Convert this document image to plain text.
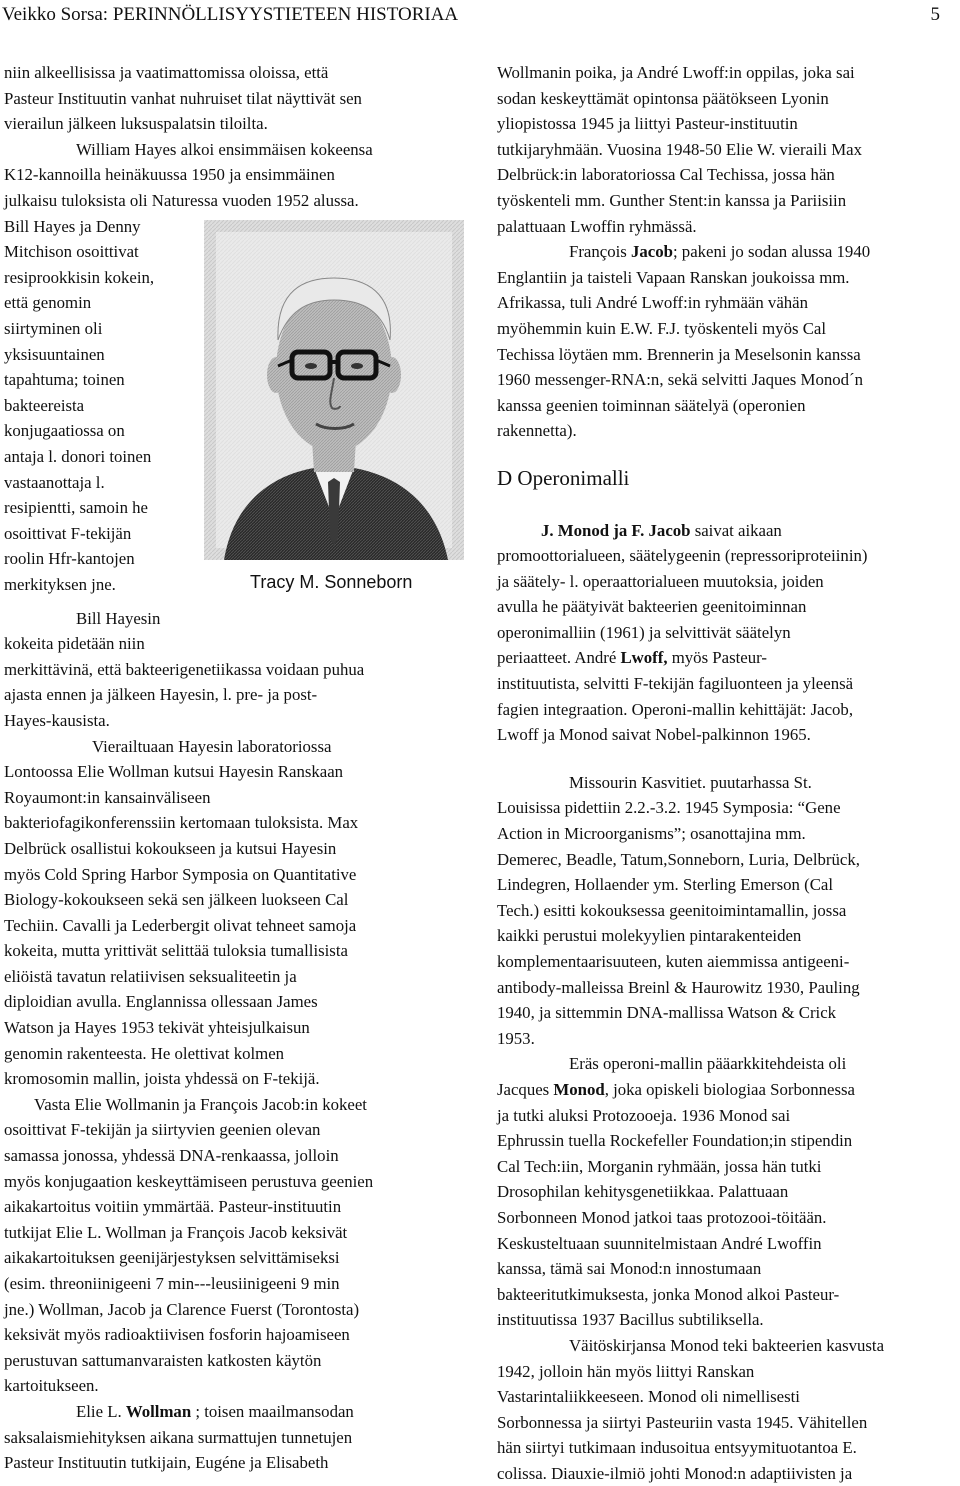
Veikko Sorsa: PERINNÖLLISYYSTIETEEN HISTORIAA	5

niin alkeellisissa ja vaatimattomissa oloissa, että
Pasteur Instituutin vanhat nuhruiset tilat näyttivät sen
vierailun jälkeen luksuspalatsin tiloilta.

William Hayes alkoi ensimmäisen kokeensa
K12-kannoilla heinäkuussa 1950 ja ensimmäinen
julkaisu tuloksista oli Naturessa vuoden 1952 alussa.

Bill Hayes ja Denny
Mitchison osoittivat
resiprookkisin kokein,
että genomin
siirtyminen oli
yksisuuntainen
tapahtuma; toinen
bakteereista
konjugaatiossa on
antaja l. donori toinen
vastaanottaja l.
resipientti, samoin he
osoittivat F-tekijän
roolin Hfr-kantojen
merkityksen jne.	Tracy M. Sonneborn

Bill Hayesin
kokeita pidetään niin
merkittävinä, että bakteerigenetiikassa voidaan puhua
ajasta ennen ja jälkeen Hayesin, l. pre- ja post-
Hayes-kausista.

Vierailtuaan Hayesin laboratoriossa
Lontoossa Elie Wollman kutsui Hayesin Ranskaan
Royaumont:in kansainväliseen
bakteriofagikonferenssiin kertomaan tuloksista. Max
Delbrück osallistui kokoukseen ja kutsui Hayesin
myös Cold Spring Harbor Symposia on Quantitative
Biology-kokoukseen sekä sen jälkeen luokseen Cal
Techiin. Cavalli ja Lederbergit olivat tehneet samoja
kokeita, mutta yrittivät selittää tuloksia tumallisista
eliöistä tavatun relatiivisen seksualiteetin ja
diploidian avulla. Englannissa ollessaan James
Watson ja Hayes 1953 tekivät yhteisjulkaisun
genomin rakenteesta. He olettivat kolmen
kromosomin mallin, joista yhdessä on F-tekijä.

Vasta Elie Wollmanin ja François Jacob:in kokeet
osoittivat F-tekijän ja siirtyvien geenien olevan
samassa jonossa, yhdessä DNA-renkaassa, jolloin
myös konjugaation keskeyttämiseen perustuva geenien
aikakartoitus voitiin ymmärtää. Pasteur-instituutin
tutkijat Elie L. Wollman ja François Jacob keksivät
aikakartoituksen geenijärjestyksen selvittämiseksi
(esim. threoniinigeeni 7 min---leusiinigeeni 9 min
jne.) Wollman, Jacob ja Clarence Fuerst (Torontosta)
keksivät myös radioaktiivisen fosforin hajoamiseen
perustuvan sattumanvaraisten katkosten käytön
kartoitukseen.

Elie L. Wollman ; toisen maailmansodan
saksalaismiehityksen aikana surmattujen tunnetujen
Pasteur Instituutin tutkijain, Eugéne ja Elisabeth

Wollmanin poika, ja André Lwoff:in oppilas, joka sai
sodan keskeyttämät opintonsa päätökseen Lyonin
yliopistossa 1945 ja liittyi Pasteur-instituutin
tutkijaryhmään. Vuosina 1948-50 Elie W. vieraili Max
Delbrück:in laboratoriossa Cal Techissa, jossa hän
työskenteli mm. Gunther Stent:in kanssa ja Pariisiin
palattuaan Lwoffin ryhmässä.

François Jacob; pakeni jo sodan alussa 1940
Englantiin ja taisteli Vapaan Ranskan joukoissa mm.
Afrikassa, tuli André Lwoff:in ryhmään vähän
myöhemmin kuin E.W. F.J. työskenteli myös Cal
Techissa löytäen mm. Brennerin ja Meselsonin kanssa
1960 messenger-RNA:n, sekä selvitti Jaques Monod´n
kanssa geenien toiminnan säätelyä (operonien
rakennetta).

D Operonimalli

J. Monod ja F. Jacob saivat aikaan
promoottorialueen, säätelygeenin (repressoriproteiinin)
ja säätely- l. operaattorialueen muutoksia, joiden
avulla he päätyivät bakteerien geenitoiminnan
operonimalliin (1961) ja selvittivät säätelyn
periaatteet. André Lwoff, myös Pasteur-
instituutista, selvitti F-tekijän fagiluonteen ja yleensä
fagien integraation. Operoni-mallin kehittäjät: Jacob,
Lwoff ja Monod saivat Nobel-palkinnon 1965.

Missourin Kasvitiet. puutarhassa St.
Louisissa pidettiin 2.2.-3.2. 1945 Symposia: “Gene
Action in Microorganisms”; osanottajina mm.
Demerec, Beadle, Tatum,Sonneborn, Luria, Delbrück,
Lindegren, Hollaender ym. Sterling Emerson (Cal
Tech.) esitti kokouksessa geenitoimintamallin, jossa
kaikki perustui molekyylien pintarakenteiden
komplementaarisuuteen, kuten aiemmissa antigeeni-
antibody-malleissa Breinl & Haurowitz 1930, Pauling
1940, ja sittemmin DNA-mallissa Watson & Crick
1953.

Eräs operoni-mallin pääarkkitehdeista oli
Jacques Monod, joka opiskeli biologiaa Sorbonnessa
ja tutki aluksi Protozooeja. 1936 Monod sai
Ephrussin tuella Rockefeller Foundation;in stipendin
Cal Tech:iin, Morganin ryhmään, jossa hän tutki
Drosophilan kehitysgenetiikkaa. Palattuaan
Sorbonneen Monod jatkoi taas protozooi-töitään.
Keskusteltuaan suunnitelmistaan André Lwoffin
kanssa, tämä sai Monod:n innostumaan
bakteeritutkimuksesta, jonka Monod alkoi Pasteur-
instituutissa 1937 Bacillus subtiliksella.

Väitöskirjansa Monod teki bakteerien kasvusta
1942, jolloin hän myös liittyi Ranskan
Vastarintaliikkeeseen. Monod oli nimellisesti
Sorbonnessa ja siirtyi Pasteuriin vasta 1945. Vähitellen
hän siirtyi tutkimaan indusoitua entsyymituotantoa E.
colissa. Diauxie-ilmiö johti Monod:n adaptiivisten ja
